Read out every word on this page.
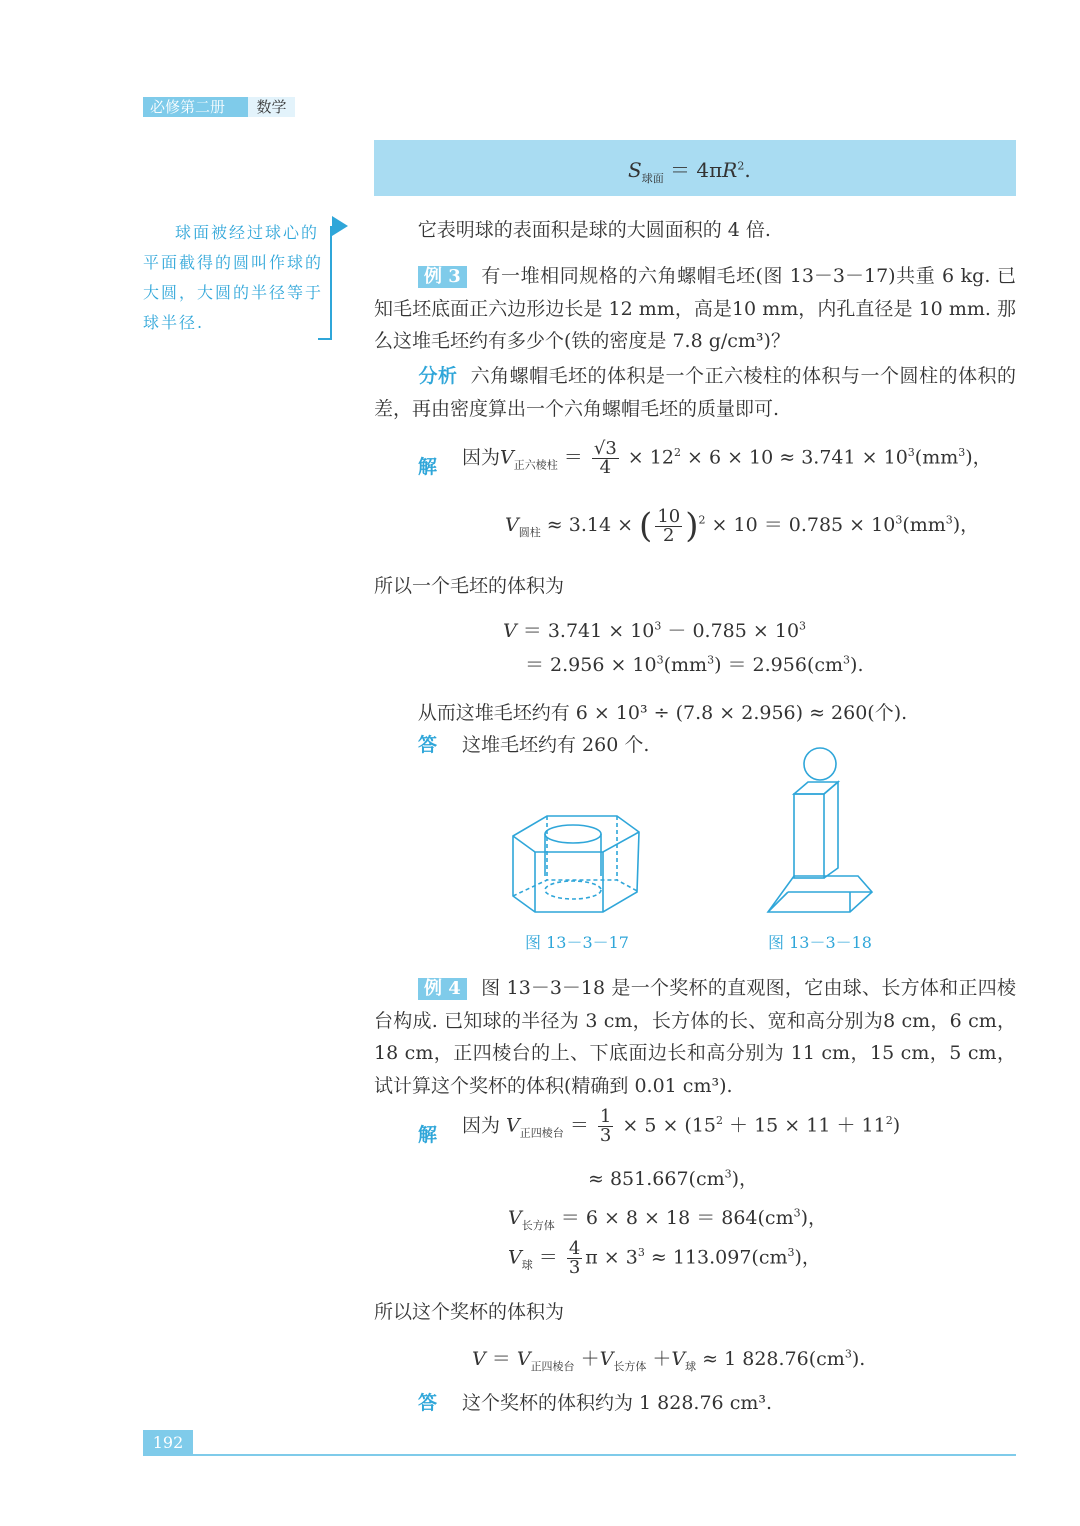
必修第二册	数学
$S_{球面} = 4\pi R^2$.
球面被经过球心的平面截得的圆叫作球的大圆，大圆的半径等于球半径.
它表明球的表面积是球的大圆面积的 4 倍.
例 3 有一堆相同规格的六角螺帽毛坯(图 13－3－17)共重 6 kg. 已知毛坯底面正六边形边长是 12 mm，高是10 mm，内孔直径是 10 mm. 那么这堆毛坯约有多少个(铁的密度是 7.8 g/cm³)？
分析 六角螺帽毛坯的体积是一个正六棱柱的体积与一个圆柱的体积的差，再由密度算出一个六角螺帽毛坯的质量即可.
解 因为$V_{正六棱柱} = \frac{√3}{4} \times 12^2 \times 6 \times 10 \approx 3.741 \times 10^3(mm^3)$，
$V_{圆柱} \approx 3.14$ × ( $\frac{10}{2} )^2 \times 10 = 0.785 \times 10^3(mm^3)$，
所以一个毛坯的体积为
$V = 3.741 \times 10^3 - 0.785 \times 10^3$
＝ $2.956 \times 10^3(mm^3) = 2.956(cm^3)$.
从而这堆毛坯约有 6 × 10³ ÷ (7.8 × 2.956) ≈ 260(个).
答 这堆毛坯约有 260 个.
图 13－3－17	图 13－3－18
例 4 图 13－3－18 是一个奖杯的直观图，它由球、长方体和正四棱台构成. 已知球的半径为 3 cm，长方体的长、宽和高分别为8 cm，6 cm，18 cm，正四棱台的上、下底面边长和高分别为 11 cm，15 cm，5 cm，试计算这个奖杯的体积(精确到 0.01 cm³).
解 因为 $V_{正四棱台} = \frac{1}{3} \times 5 \times (15^2 + 15 \times 11 + 11^2)$
≈ $851.667(cm^3)$，
$V_{长方体} = 6 \times 8 \times 18 = 864(cm^3)$，
$V_球 = \frac{4}{3}$ $\pi \times 3^3 \approx 113.097(cm^3)$，
所以这个奖杯的体积为
$V = V_{正四棱台} +V_{长方体} +V_球 \approx 1$ $828.76(cm^3)$.
答 这个奖杯的体积约为 1 828.76 cm³.
192
